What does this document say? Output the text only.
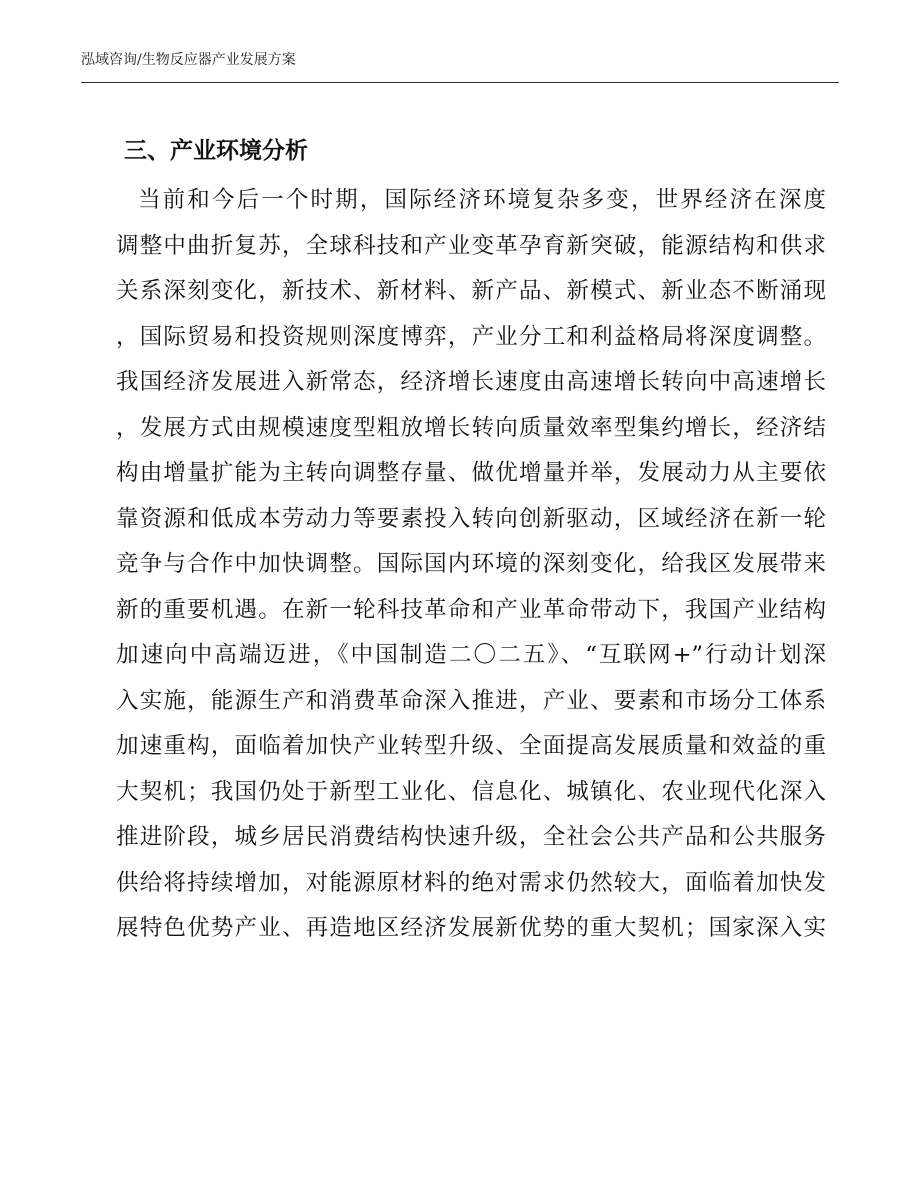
泓域咨询/生物反应器产业发展方案
三、产业环境分析
当前和今后一个时期，国际经济环境复杂多变，世界经济在深度
调整中曲折复苏，全球科技和产业变革孕育新突破，能源结构和供求
关系深刻变化，新技术、新材料、新产品、新模式、新业态不断涌现
，国际贸易和投资规则深度博弈，产业分工和利益格局将深度调整。
我国经济发展进入新常态，经济增长速度由高速增长转向中高速增长
，发展方式由规模速度型粗放增长转向质量效率型集约增长，经济结
构由增量扩能为主转向调整存量、做优增量并举，发展动力从主要依
靠资源和低成本劳动力等要素投入转向创新驱动，区域经济在新一轮
竞争与合作中加快调整。国际国内环境的深刻变化，给我区发展带来
新的重要机遇。在新一轮科技革命和产业革命带动下，我国产业结构
加速向中高端迈进，《中国制造二〇二五》、“互联网+”行动计划深
入实施，能源生产和消费革命深入推进，产业、要素和市场分工体系
加速重构，面临着加快产业转型升级、全面提高发展质量和效益的重
大契机；我国仍处于新型工业化、信息化、城镇化、农业现代化深入
推进阶段，城乡居民消费结构快速升级，全社会公共产品和公共服务
供给将持续增加，对能源原材料的绝对需求仍然较大，面临着加快发
展特色优势产业、再造地区经济发展新优势的重大契机；国家深入实
